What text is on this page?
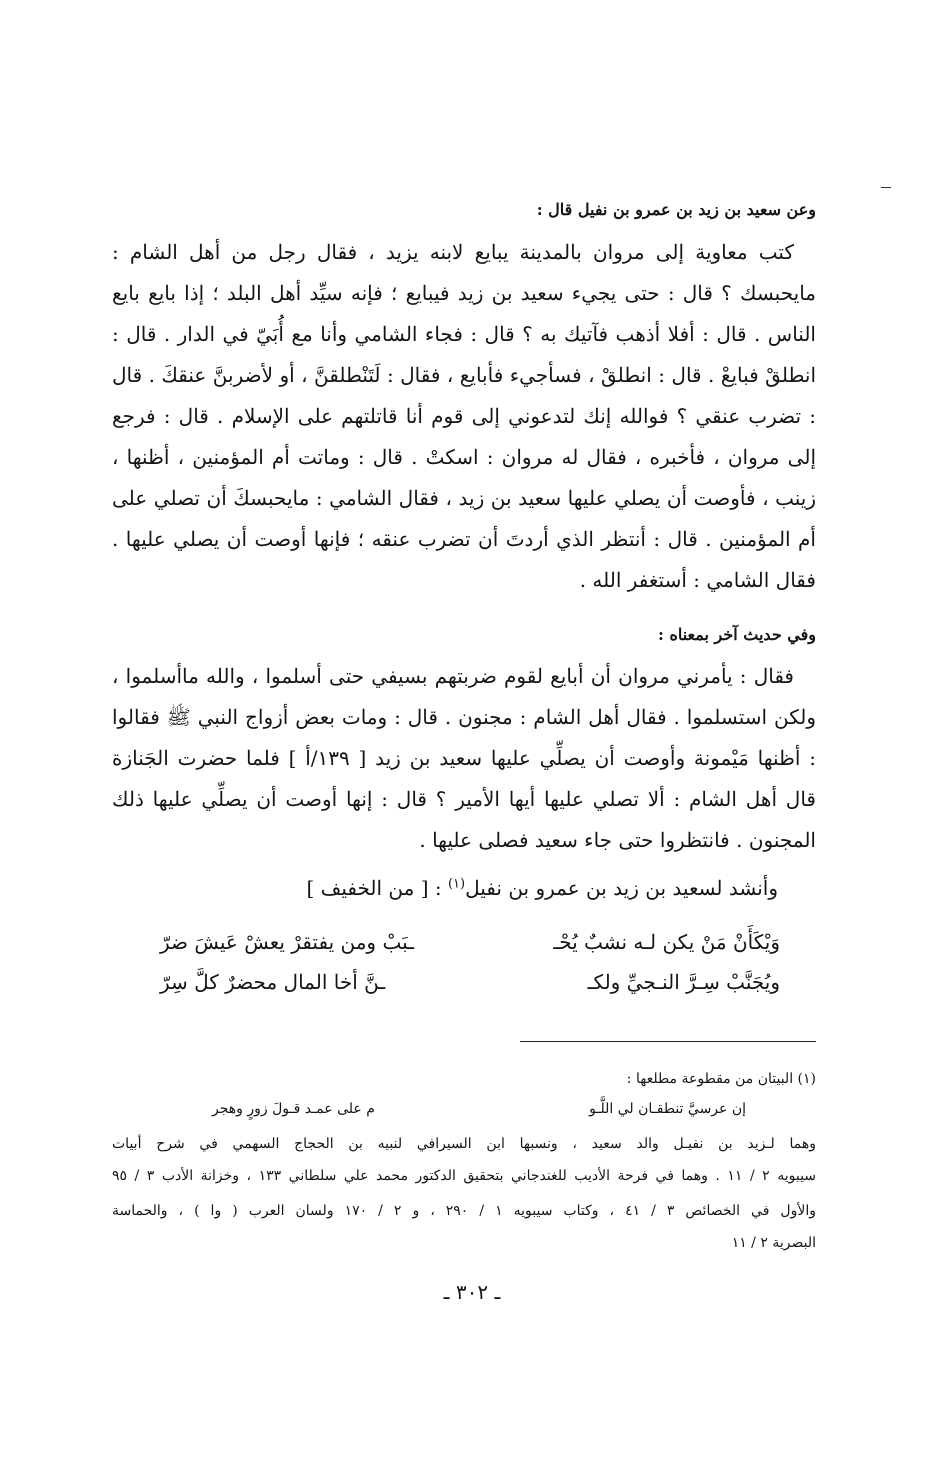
وعن سعيد بن زيد بن عمرو بن نفيل قال :

كتب معاوية إلى مروان بالمدينة يبايع لابنه يزيد ، فقال رجل من أهل الشام : مايحبسك ؟ قال : حتى يجيء سعيد بن زيد فيبايع ؛ فإنه سيِّد أهل البلد ؛ إذا بايع بايع الناس . قال : أفلا أذهب فآتيك به ؟ قال : فجاء الشامي وأنا مع أُبَيّ في الدار . قال : انطلقْ فبايعْ . قال : انطلقْ ، فسأجيء فأبايع ، فقال : لَتَنْطلقنَّ ، أو لأضربنَّ عنقكَ . قال : تضرب عنقي ؟ فوالله إنك لتدعوني إلى قوم أنا قاتلتهم على الإسلام . قال : فرجع إلى مروان ، فأخبره ، فقال له مروان : اسكتْ . قال : وماتت أم المؤمنين ، أظنها ، زينب ، فأوصت أن يصلي عليها سعيد بن زيد ، فقال الشامي : مايحبسكَ أن تصلي على أم المؤمنين . قال : أنتظر الذي أردتَ أن تضرب عنقه ؛ فإنها أوصت أن يصلي عليها . فقال الشامي : أستغفر الله .

وفي حديث آخر بمعناه :

فقال : يأمرني مروان أن أبايع لقوم ضربتهم بسيفي حتى أسلموا ، والله ماأسلموا ، ولكن استسلموا . فقال أهل الشام : مجنون . قال : ومات بعض أزواج النبي ﷺ فقالوا : أظنها مَيْمونة وأوصت أن يصلِّي عليها سعيد بن زيد [ ١٣٩/أ ] فلما حضرت الجَنازة قال أهل الشام : ألا تصلي عليها أيها الأمير ؟ قال : إنها أوصت أن يصلِّي عليها ذلك المجنون . فانتظروا حتى جاء سعيد فصلى عليها .

وأنشد لسعيد بن زيد بن عمرو بن نفيل$^{(١)}$ : [ من الخفيف ]
وَيْكَأَنْ مَنْ يكن لـه نشبٌ يُحْـ
ـبَبْ ومن يفتقرْ يعشْ عَيشَ ضرّ
ويُجَنَّبْ سِـرَّ النـجيِّ ولكـ
ـنَّ أخا المال محضرٌ كلَّ سِرّ
(١) البيتان من مقطوعة مطلعها :
إن عرسيَّ تنطقـان لي اللَّـو
م على عمـد قـولَ زورٍ وهجر
وهما لـزيد بن نفيـل والد سعيد ، ونسبها ابن السيرافي لنبيه بن الحجاج السهمي في شرح أبيات
سيبويه ٢ / ١١ . وهما في فرحة الأديب للغندجاني بتحقيق الدكتور محمد علي سلطاني ١٣٣ ، وخزانة الأدب ٣ / ٩٥
والأول في الخصائص ٣ / ٤١ ، وكتاب سيبويه ١ / ٢٩٠ ، و ٢ / ١٧٠ ولسان العرب ( وا ) ، والحماسة
البصرية ٢ / ١١
ـ ٣٠٢ ـ
